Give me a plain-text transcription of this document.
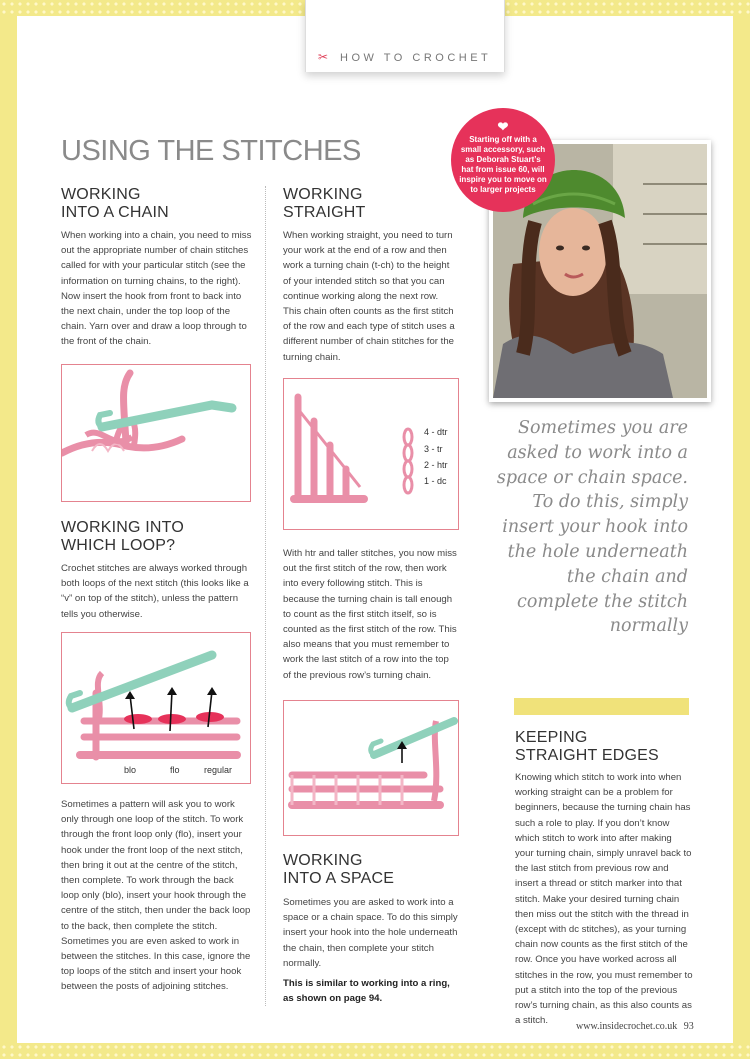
✂ HOW TO CROCHET
USING THE STITCHES
WORKING
INTO A CHAIN
When working into a chain, you need to miss out the appropriate number of chain stitches called for with your particular stitch (see the information on turning chains, to the right). Now insert the hook from front to back into the next chain, under the top loop of the chain. Yarn over and draw a loop through to the front of the chain.
WORKING INTO
WHICH LOOP?
Crochet stitches are always worked through both loops of the next stitch (this looks like a “v” on top of the stitch), unless the pattern tells you otherwise.
blo	flo	regular
Sometimes a pattern will ask you to work only through one loop of the stitch. To work through the front loop only (flo), insert your hook under the front loop of the next stitch, then bring it out at the centre of the stitch, then complete. To work through the back loop only (blo), insert your hook through the centre of the stitch, then under the back loop to the back, then complete the stitch. Sometimes you are even asked to work in between the stitches. In this case, ignore the top loops of the stitch and insert your hook between the posts of adjoining stitches.
WORKING
STRAIGHT
When working straight, you need to turn your work at the end of a row and then work a turning chain (t-ch) to the height of your intended stitch so that you can continue working along the next row. This chain often counts as the first stitch of the row and each type of stitch uses a different number of chain stitches for the turning chain.
4 - dtr
3 - tr
2 - htr
1 - dc
With htr and taller stitches, you now miss out the first stitch of the row, then work into every following stitch. This is because the turning chain is tall enough to count as the first stitch itself, so is counted as the first stitch of the row. This also means that you must remember to work the last stitch of a row into the top of the previous row’s turning chain.
WORKING
INTO A SPACE
Sometimes you are asked to work into a space or a chain space. To do this simply insert your hook into the hole underneath the chain, then complete your stitch normally.
This is similar to working into a ring, as shown on page 94.
❤
Starting off with a small accessory, such as Deborah Stuart’s hat from issue 60, will inspire you to move on to larger projects
Sometimes you are asked to work into a space or chain space. To do this, simply insert your hook into the hole underneath the chain and complete the stitch normally
KEEPING
STRAIGHT EDGES
Knowing which stitch to work into when working straight can be a problem for beginners, because the turning chain has such a role to play. If you don’t know which stitch to work into after making your turning chain, simply unravel back to the last stitch from previous row and insert a thread or stitch marker into that stitch. Make your desired turning chain then miss out the stitch with the thread in (except with dc stitches), as your turning chain now counts as the first stitch of the row. Once you have worked across all stitches in the row, you must remember to put a stitch into the top of the previous row’s turning chain, as this also counts as a stitch.
www.insidecrochet.co.uk 93
